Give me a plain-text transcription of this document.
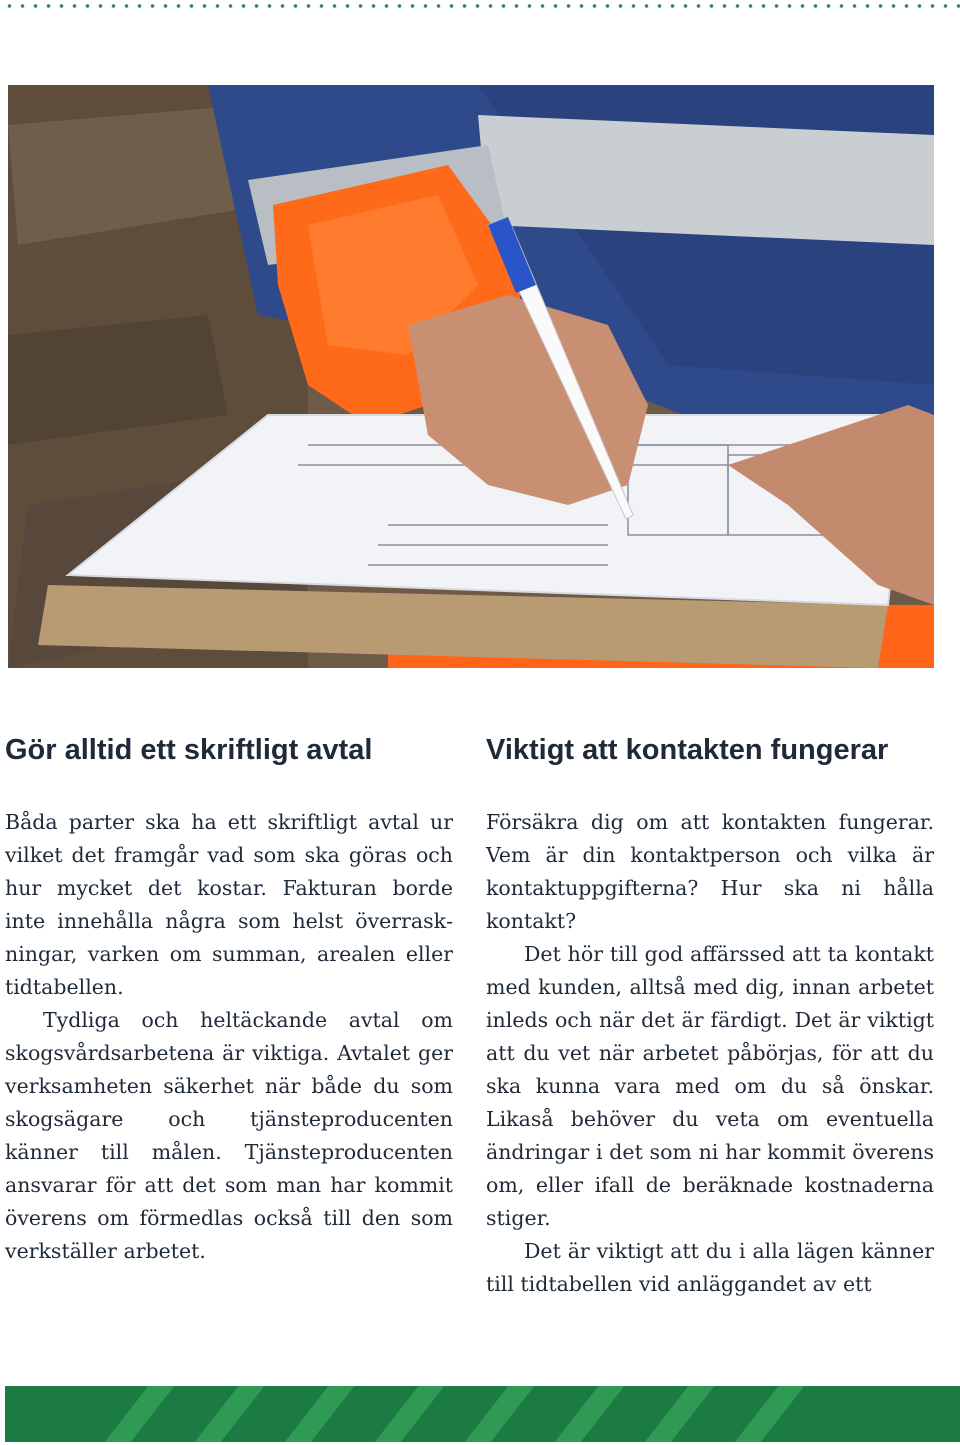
Gör alltid ett skriftligt avtal

Båda parter ska ha ett skriftligt avtal ur vilket det framgår vad som ska göras och hur mycket det kostar. Fakturan borde inte innehålla några som helst överraskningar, varken om summan, arealen eller tidtabellen.

Tydliga och heltäckande avtal om skogsvårdsarbetena är viktiga. Avtalet ger verksamheten säkerhet när både du som skogsägare och tjänsteproducenten känner till målen. Tjänsteproducenten ansvarar för att det som man har kommit överens om förmedlas också till den som verkställer arbetet.

Viktigt att kontakten fungerar

Försäkra dig om att kontakten fungerar. Vem är din kontaktperson och vilka är kontaktuppgifterna? Hur ska ni hålla kontakt?

Det hör till god affärssed att ta kontakt med kunden, alltså med dig, innan arbetet inleds och när det är färdigt. Det är viktigt att du vet när arbetet påbörjas, för att du ska kunna vara med om du så önskar. Likaså behöver du veta om eventuella ändringar i det som ni har kommit överens om, eller ifall de beräknade kostnaderna stiger.

Det är viktigt att du i alla lägen känner till tidtabellen vid anläggandet av ett
